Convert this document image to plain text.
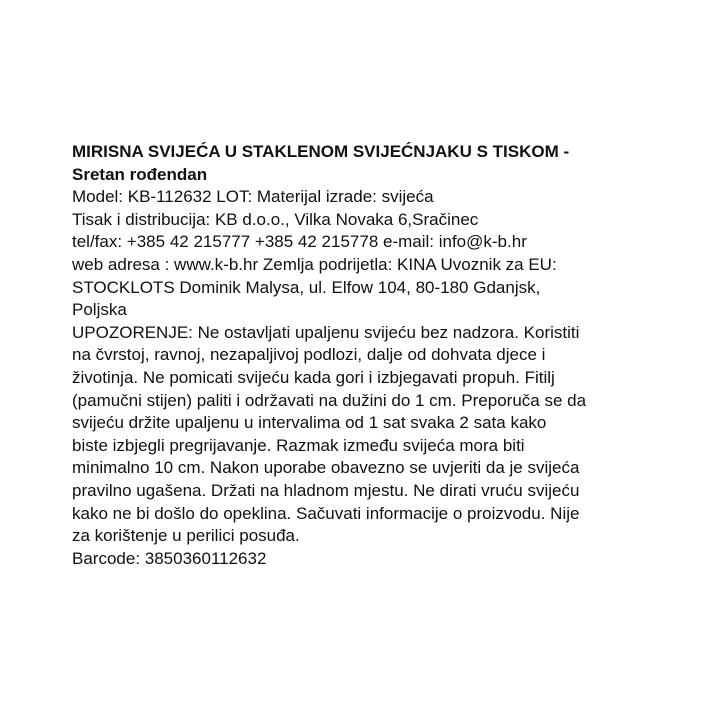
MIRISNA SVIJEĆA U STAKLENOM SVIJEĆNJAKU S TISKOM -

Sretan rođendan

Model: KB-112632 LOT: Materijal izrade: svijeća

Tisak i distribucija: KB d.o.o., Vilka Novaka 6,Sračinec

tel/fax: +385 42 215777 +385 42 215778 e-mail: info@k-b.hr

web adresa : www.k-b.hr Zemlja podrijetla: KINA Uvoznik za EU:

STOCKLOTS Dominik Malysa, ul. Elfow 104, 80-180 Gdanjsk,

Poljska

UPOZORENJE: Ne ostavljati upaljenu svijeću bez nadzora. Koristiti

na čvrstoj, ravnoj, nezapaljivoj podlozi, dalje od dohvata djece i

životinja. Ne pomicati svijeću kada gori i izbjegavati propuh. Fitilj

(pamučni stijen) paliti i održavati na dužini do 1 cm. Preporuča se da

svijeću držite upaljenu u intervalima od 1 sat svaka 2 sata kako

biste izbjegli pregrijavanje. Razmak između svijeća mora biti

minimalno 10 cm. Nakon uporabe obavezno se uvjeriti da je svijeća

pravilno ugašena. Držati na hladnom mjestu. Ne dirati vruću svijeću

kako ne bi došlo do opeklina. Sačuvati informacije o proizvodu. Nije

za korištenje u perilici posuđa.

Barcode: 3850360112632
